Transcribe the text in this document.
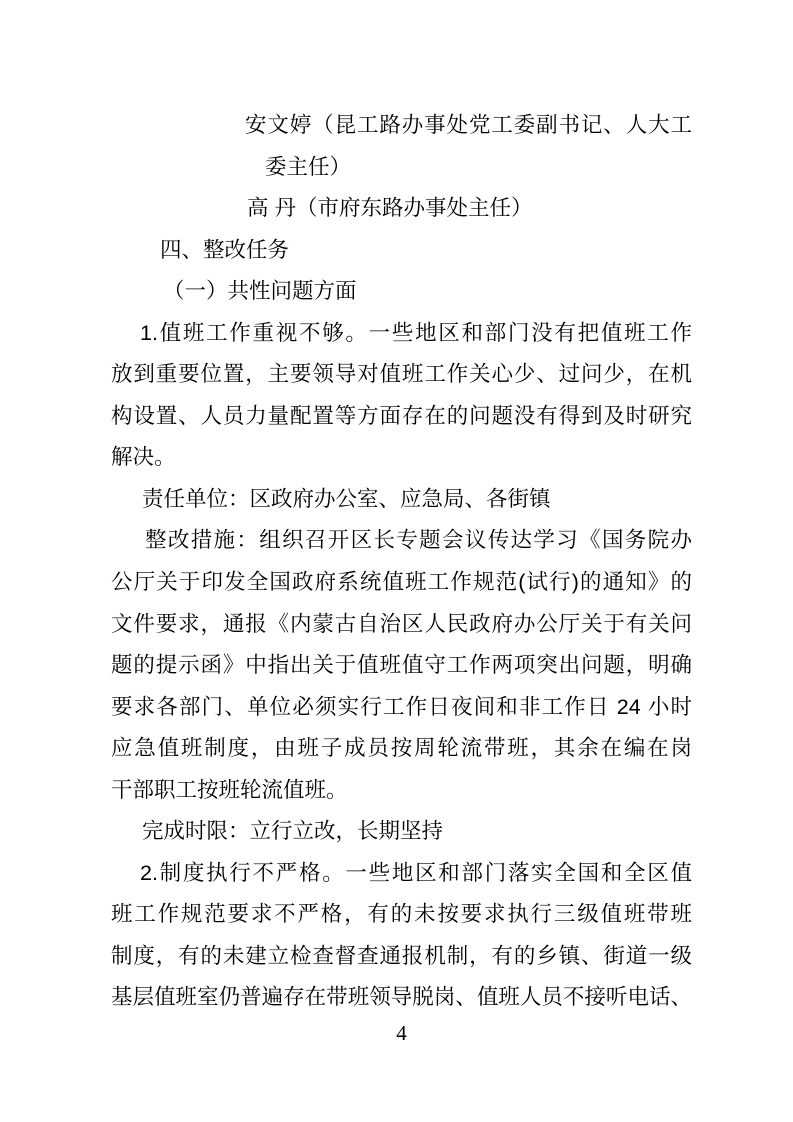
安文婷（昆工路办事处党工委副书记、人大工
委主任）
高 丹（市府东路办事处主任）
四、整改任务
（一）共性问题方面
1.值班工作重视不够。一些地区和部门没有把值班工作
放到重要位置，主要领导对值班工作关心少、过问少，在机
构设置、人员力量配置等方面存在的问题没有得到及时研究
解决。
责任单位：区政府办公室、应急局、各街镇
整改措施：组织召开区长专题会议传达学习《国务院办
公厅关于印发全国政府系统值班工作规范(试行)的通知》的
文件要求，通报《内蒙古自治区人民政府办公厅关于有关问
题的提示函》中指出关于值班值守工作两项突出问题，明确
要求各部门、单位必须实行工作日夜间和非工作日 24 小时
应急值班制度，由班子成员按周轮流带班，其余在编在岗
干部职工按班轮流值班。
完成时限：立行立改，长期坚持
2.制度执行不严格。一些地区和部门落实全国和全区值
班工作规范要求不严格，有的未按要求执行三级值班带班
制度，有的未建立检查督查通报机制，有的乡镇、街道一级
基层值班室仍普遍存在带班领导脱岗、值班人员不接听电话、
4
